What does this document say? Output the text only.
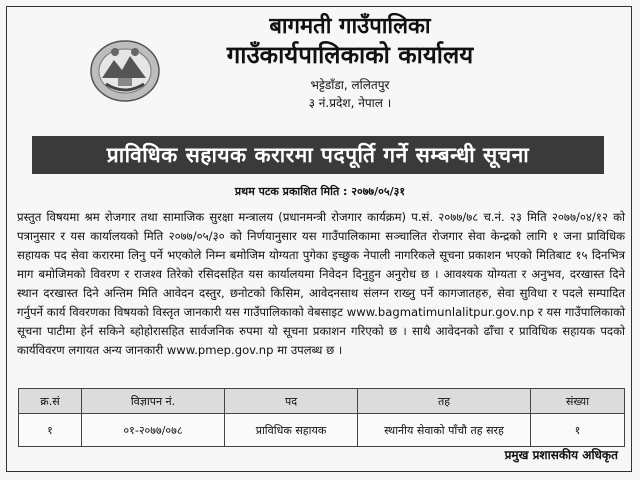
बागमती गाउँपालिका
गाउँकार्यपालिकाको कार्यालय
भट्टेडाँडा, ललितपुर
३ नं.प्रदेश, नेपाल ।
प्राविधिक सहायक करारमा पदपूर्ति गर्ने सम्बन्धी सूचना
प्रथम पटक प्रकाशित मिति : २०७७/०५/३१
प्रस्तुत विषयमा श्रम रोजगार तथा सामाजिक सुरक्षा मन्त्रालय (प्रधानमन्त्री रोजगार कार्यक्रम) प.सं. २०७७/७८ च.नं. २३ मिति २०७७/०४/१२ को पत्रानुसार र यस कार्यालयको मिति २०७७/०५/३० को निर्णयानुसार यस गाउँपालिकामा सञ्चालित रोजगार सेवा केन्द्रको लागि १ जना प्राविधिक सहायक पद सेवा करारमा लिनु पर्ने भएकोले निम्न बमोजिम योग्यता पुगेका इच्छुक नेपाली नागरिकले सूचना प्रकाशन भएको मितिबाट १५ दिनभित्र माग बमोजिमको विवरण र राजश्व तिरेको रसिदसहित यस कार्यालयमा निवेदन दिनुहुन अनुरोध छ । आवश्यक योग्यता र अनुभव, दरखास्त दिने स्थान दरखास्त दिने अन्तिम मिति आवेदन दस्तुर, छनोटको किसिम, आवेदनसाथ संलग्न राख्नु पर्ने कागजातहरु, सेवा सुविधा र पदले सम्पादित गर्नुपर्ने कार्य विवरणका विषयको विस्तृत जानकारी यस गाउँपालिकाको वेबसाइट www.bagmatimunlalitpur.gov.np र यस गाउँपालिकाको सूचना पाटीमा हेर्न सकिने ब्होहोरासहित सार्वजनिक रुपमा यो सूचना प्रकाशन गरिएको छ । साथै आवेदनको ढाँचा र प्राविधिक सहायक पदको कार्यविवरण लगायत अन्य जानकारी www.pmep.gov.np मा उपलब्ध छ ।
क्र.सं	विज्ञापन नं.	पद	तह	संख्या
१	०१-२०७७/०७८	प्राविधिक सहायक	स्थानीय सेवाको पाँचौ तह सरह	१
प्रमुख प्रशासकीय अधिकृत
